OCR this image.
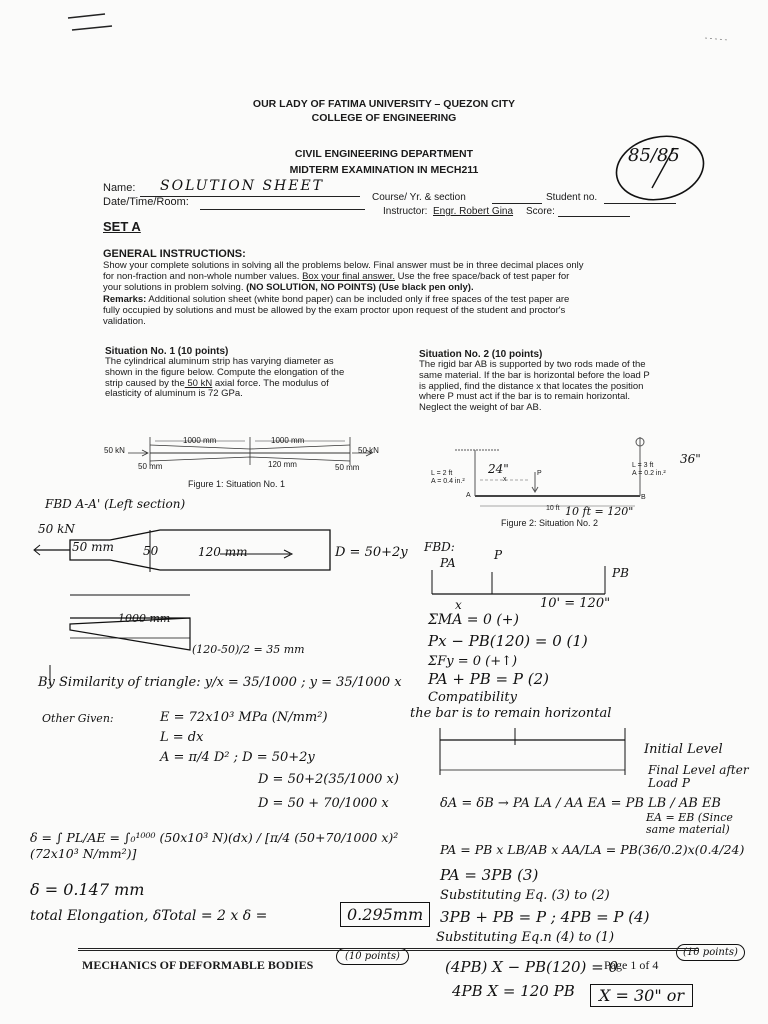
OUR LADY OF FATIMA UNIVERSITY – QUEZON CITY
COLLEGE OF ENGINEERING
CIVIL ENGINEERING DEPARTMENT
MIDTERM EXAMINATION IN MECH211
Name: SOLUTION SHEET
Date/Time/Room:	Course/ Yr. & section	Student no.
Instructor: Engr. Robert Gina Score:
85/85
SET A
GENERAL INSTRUCTIONS:
Show your complete solutions in solving all the problems below. Final answer must be in three decimal places only
for non-fraction and non-whole number values. Box your final answer. Use the free space/back of test paper for
your solutions in problem solving. (NO SOLUTION, NO POINTS) (Use black pen only).
Remarks: Additional solution sheet (white bond paper) can be included only if free spaces of the test paper are
fully occupied by solutions and must be allowed by the exam proctor upon request of the student and proctor's
validation.
Situation No. 1 (10 points)
The cylindrical aluminum strip has varying diameter as
shown in the figure below. Compute the elongation of the
strip caused by the 50 kN axial force. The modulus of
elasticity of aluminum is 72 GPa.
Situation No. 2 (10 points)
The rigid bar AB is supported by two rods made of the
same material. If the bar is horizontal before the load P
is applied, find the distance x that locates the position
where P must act if the bar is to remain horizontal.
Neglect the weight of bar AB.
50 kN	50 kN
1000 mm	1000 mm
50 mm	120 mm	50 mm
Figure 1: Situation No. 1
L = 2 ft
A = 0.4 in.²
L = 3 ft
A = 0.2 in.²
P
x
A	B
10 ft
Figure 2: Situation No. 2
FBD A-A' (Left section)
50 kN
50 mm 50	120 mm	D = 50+2y
1000 mm
(120-50)/2 = 35 mm
By Similarity of triangle: y/x = 35/1000 ; y = 35/1000 x
Other Given:	E = 72x10³ MPa (N/mm²)
L = dx
A = π/4 D² ; D = 50+2y
D = 50+2(35/1000 x)
D = 50 + 70/1000 x
δ = ∫ PL/AE = ∫₀¹⁰⁰⁰ (50x10³ N)(dx) / [π/4 (50+70/1000 x)² (72x10³ N/mm²)]
δ = 0.147 mm
total Elongation, δTotal = 2 x δ =	0.295mm
(10 points)
24"
36"
10 ft = 120"
FBD:
PA
P
PB
x	10' = 120"
ΣMA = 0 (+)
Px − PB(120) = 0 (1)
ΣFy = 0 (+↑)
PA + PB = P (2)
Compatibility
the bar is to remain horizontal
Initial Level
Final Level after Load P
δA = δB → PA LA / AA EA = PB LB / AB EB
EA = EB (Since same material)
PA = PB x LB/AB x AA/LA = PB(36/0.2)x(0.4/24)
PA = 3PB (3)
Substituting Eq. (3) to (2)
3PB + PB = P ; 4PB = P (4)
Substituting Eq.n (4) to (1)
(4PB) X − PB(120) = 0
4PB X = 120 PB	X = 30" or
(10 points)
MECHANICS OF DEFORMABLE BODIES	Page 1 of 4
